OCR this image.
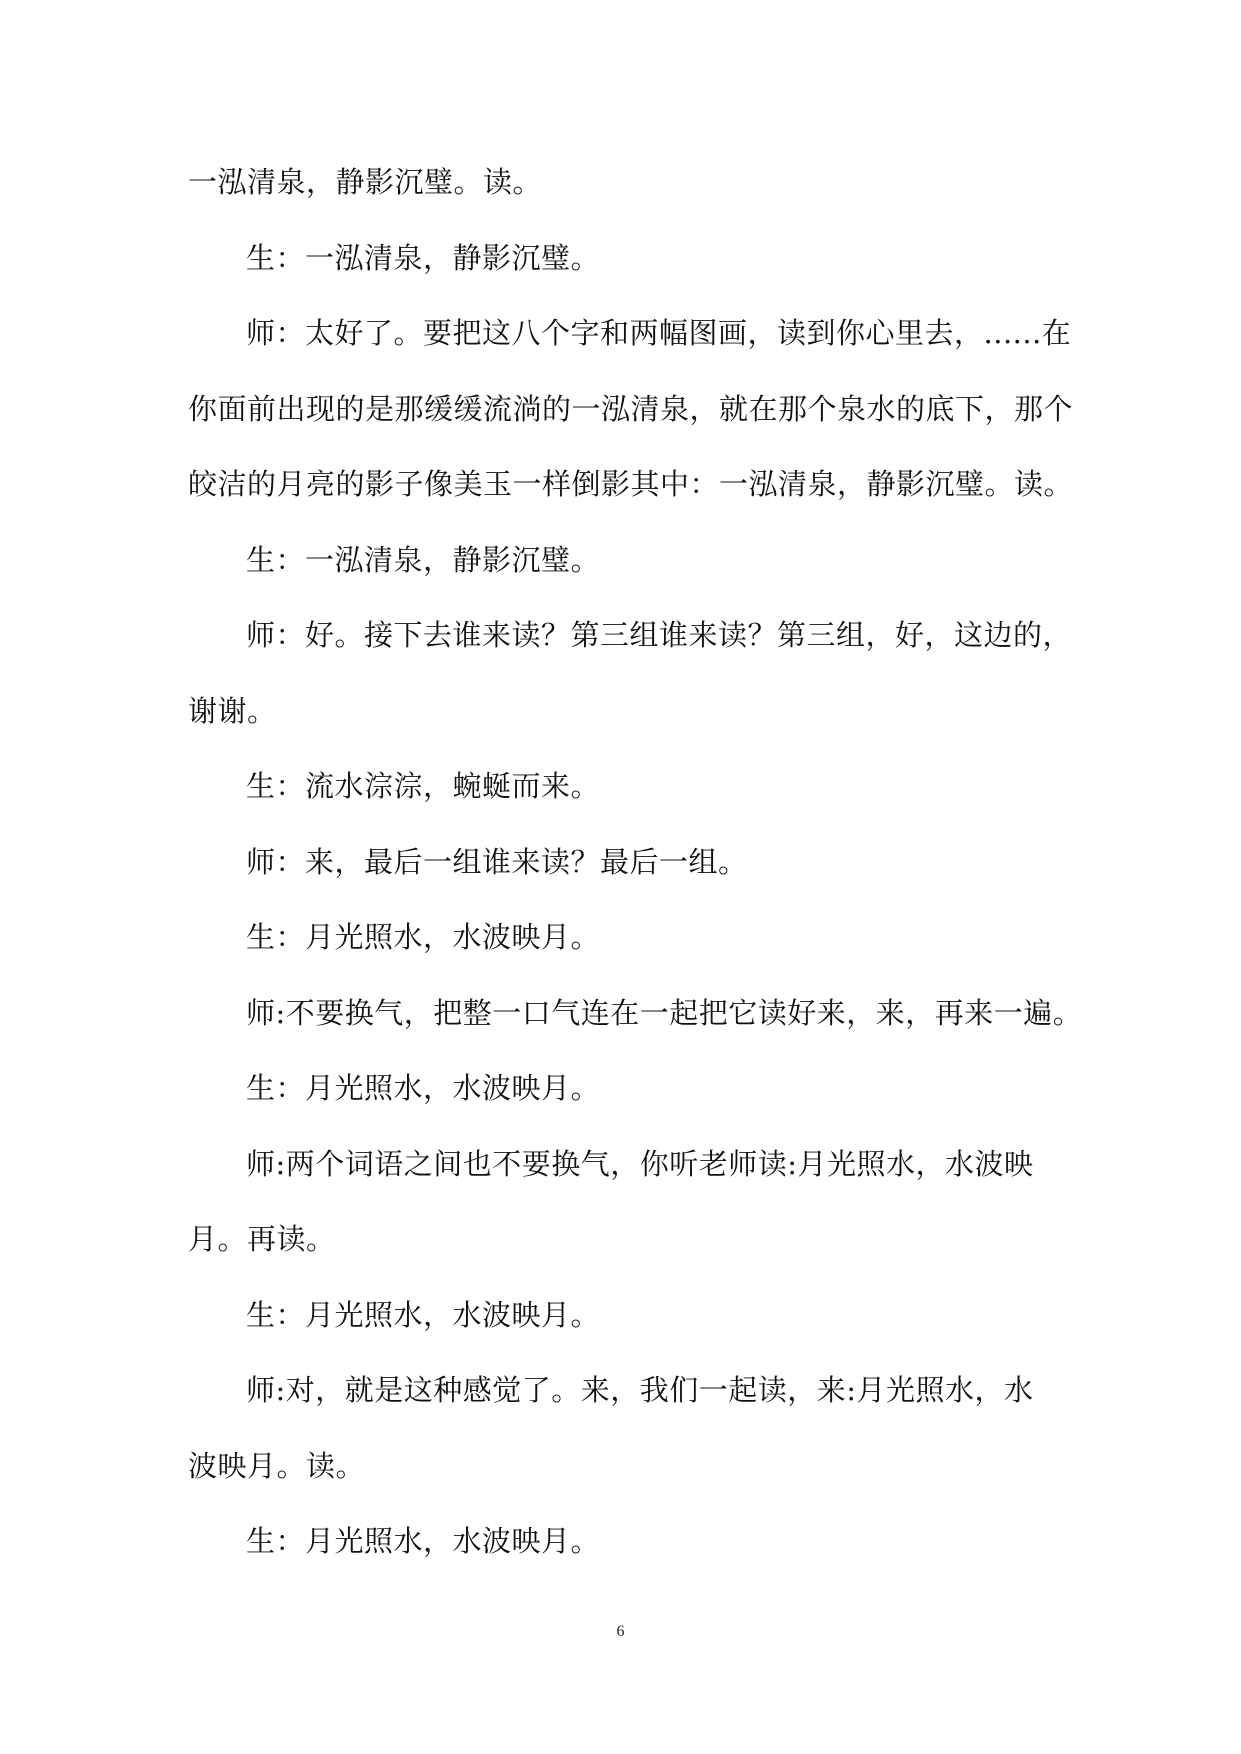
一泓清泉，静影沉璧。读。
生：一泓清泉，静影沉璧。
师：太好了。要把这八个字和两幅图画，读到你心里去，......在
你面前出现的是那缓缓流淌的一泓清泉，就在那个泉水的底下，那个
皎洁的月亮的影子像美玉一样倒影其中：一泓清泉，静影沉璧。读。
生：一泓清泉，静影沉璧。
师：好。接下去谁来读？第三组谁来读？第三组，好，这边的，
谢谢。
生：流水淙淙，蜿蜒而来。
师：来，最后一组谁来读？最后一组。
生：月光照水，水波映月。
师:不要换气，把整一口气连在一起把它读好来，来，再来一遍。
生：月光照水，水波映月。
师:两个词语之间也不要换气，你听老师读:月光照水，水波映
月。再读。
生：月光照水，水波映月。
师:对，就是这种感觉了。来，我们一起读，来:月光照水，水
波映月。读。
生：月光照水，水波映月。
6
